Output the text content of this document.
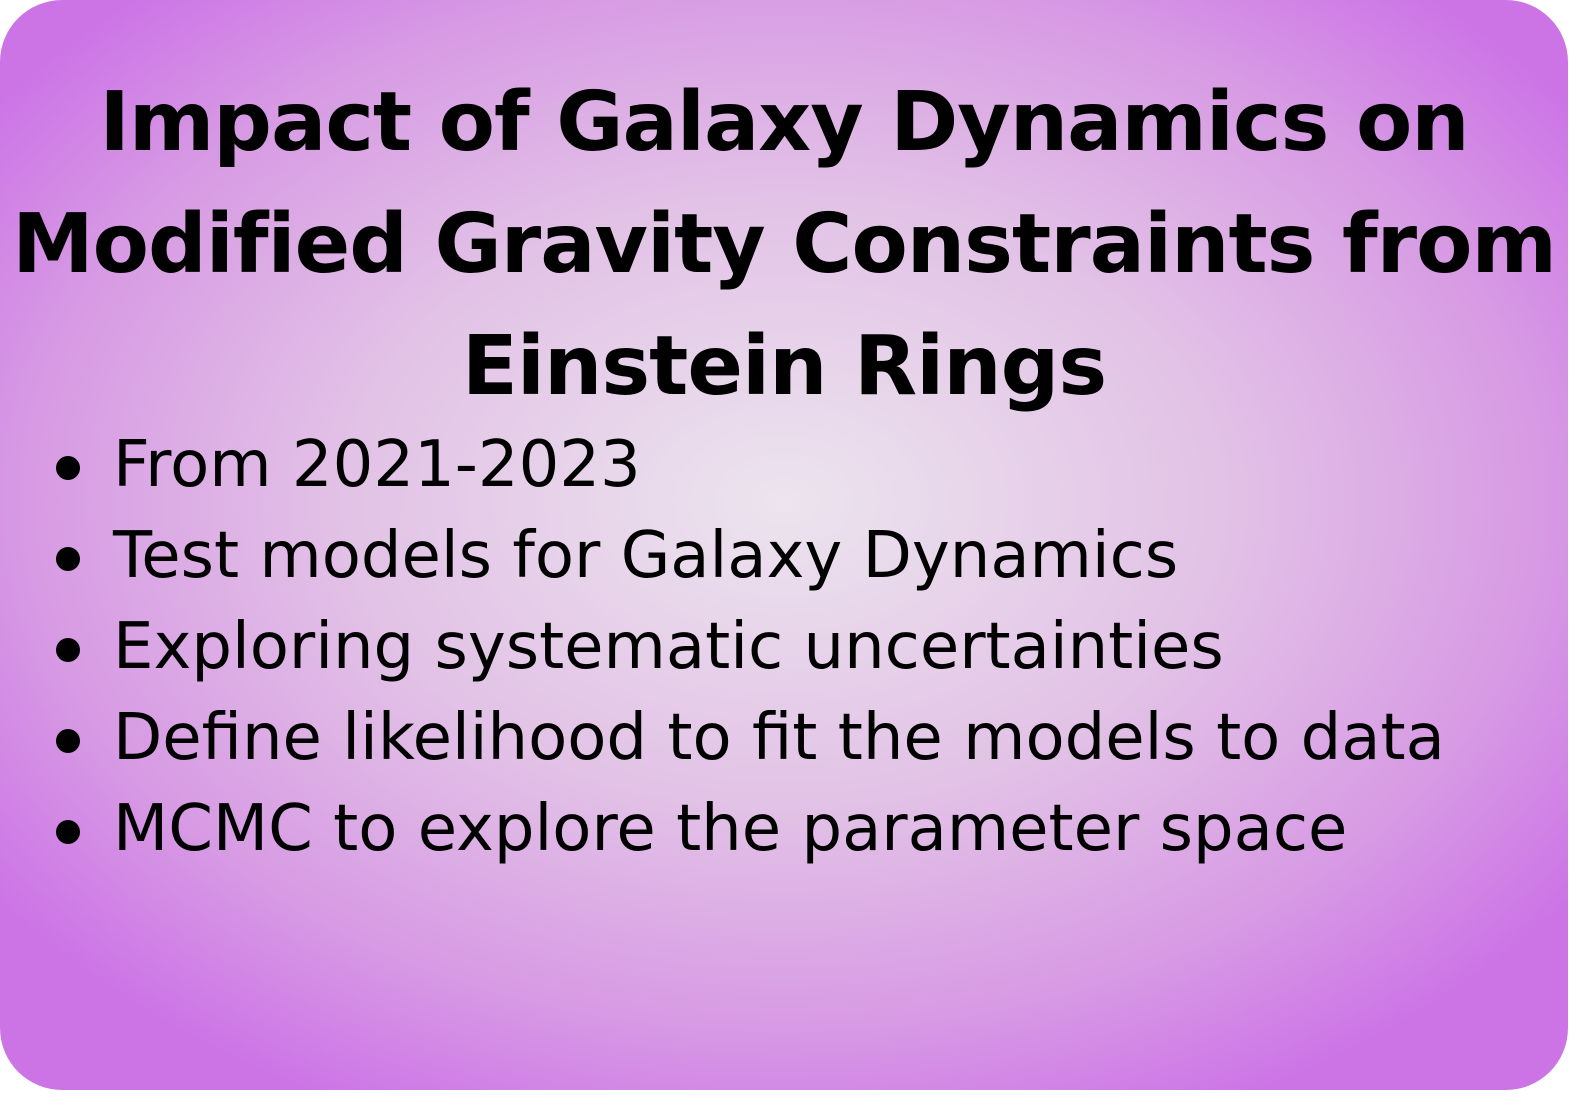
Impact of Galaxy Dynamics on
Modified Gravity Constraints from
Einstein Rings
From 2021-2023
Test models for Galaxy Dynamics
Exploring systematic uncertainties
Define likelihood to fit the models to data
MCMC to explore the parameter space
